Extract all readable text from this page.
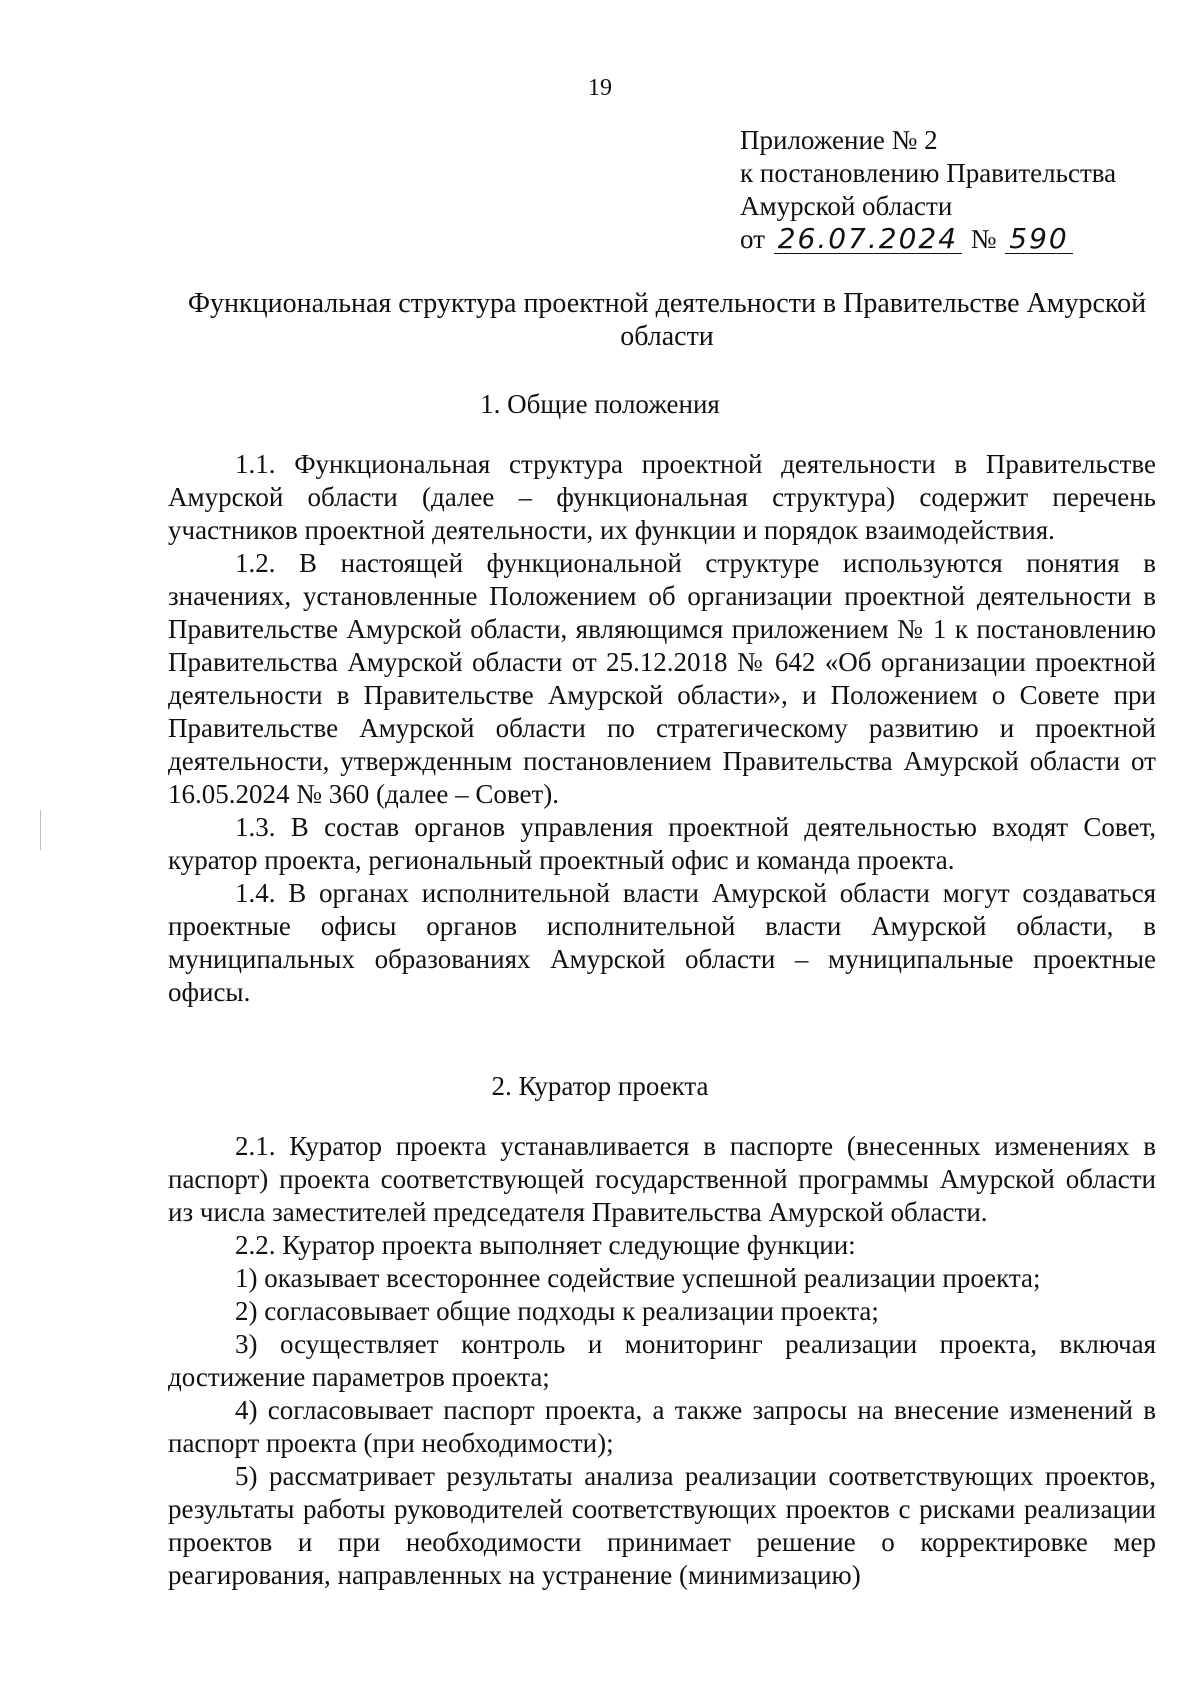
19
Приложение № 2
к постановлению Правительства
Амурской области
от 26.07.2024 № 590
Функциональная структура проектной деятельности в Правительстве Амурской области
1. Общие положения

1.1. Функциональная структура проектной деятельности в Правительстве Амурской области (далее – функциональная структура) содержит перечень участников проектной деятельности, их функции и порядок взаимодействия.

1.2. В настоящей функциональной структуре используются понятия в значениях, установленные Положением об организации проектной деятельности в Правительстве Амурской области, являющимся приложением № 1 к постановлению Правительства Амурской области от 25.12.2018 № 642 «Об организации проектной деятельности в Правительстве Амурской области», и Положением о Совете при Правительстве Амурской области по стратегическому развитию и проектной деятельности, утвержденным постановлением Правительства Амурской области от 16.05.2024 № 360 (далее – Совет).

1.3. В состав органов управления проектной деятельностью входят Совет, куратор проекта, региональный проектный офис и команда проекта.

1.4. В органах исполнительной власти Амурской области могут создаваться проектные офисы органов исполнительной власти Амурской области, в муниципальных образованиях Амурской области – муниципальные проектные офисы.

2. Куратор проекта

2.1. Куратор проекта устанавливается в паспорте (внесенных изменениях в паспорт) проекта соответствующей государственной программы Амурской области из числа заместителей председателя Правительства Амурской области.

2.2. Куратор проекта выполняет следующие функции:

1) оказывает всестороннее содействие успешной реализации проекта;

2) согласовывает общие подходы к реализации проекта;

3) осуществляет контроль и мониторинг реализации проекта, включая достижение параметров проекта;

4) согласовывает паспорт проекта, а также запросы на внесение изменений в паспорт проекта (при необходимости);

5) рассматривает результаты анализа реализации соответствующих проектов, результаты работы руководителей соответствующих проектов с рисками реализации проектов и при необходимости принимает решение о корректировке мер реагирования, направленных на устранение (минимизацию)
